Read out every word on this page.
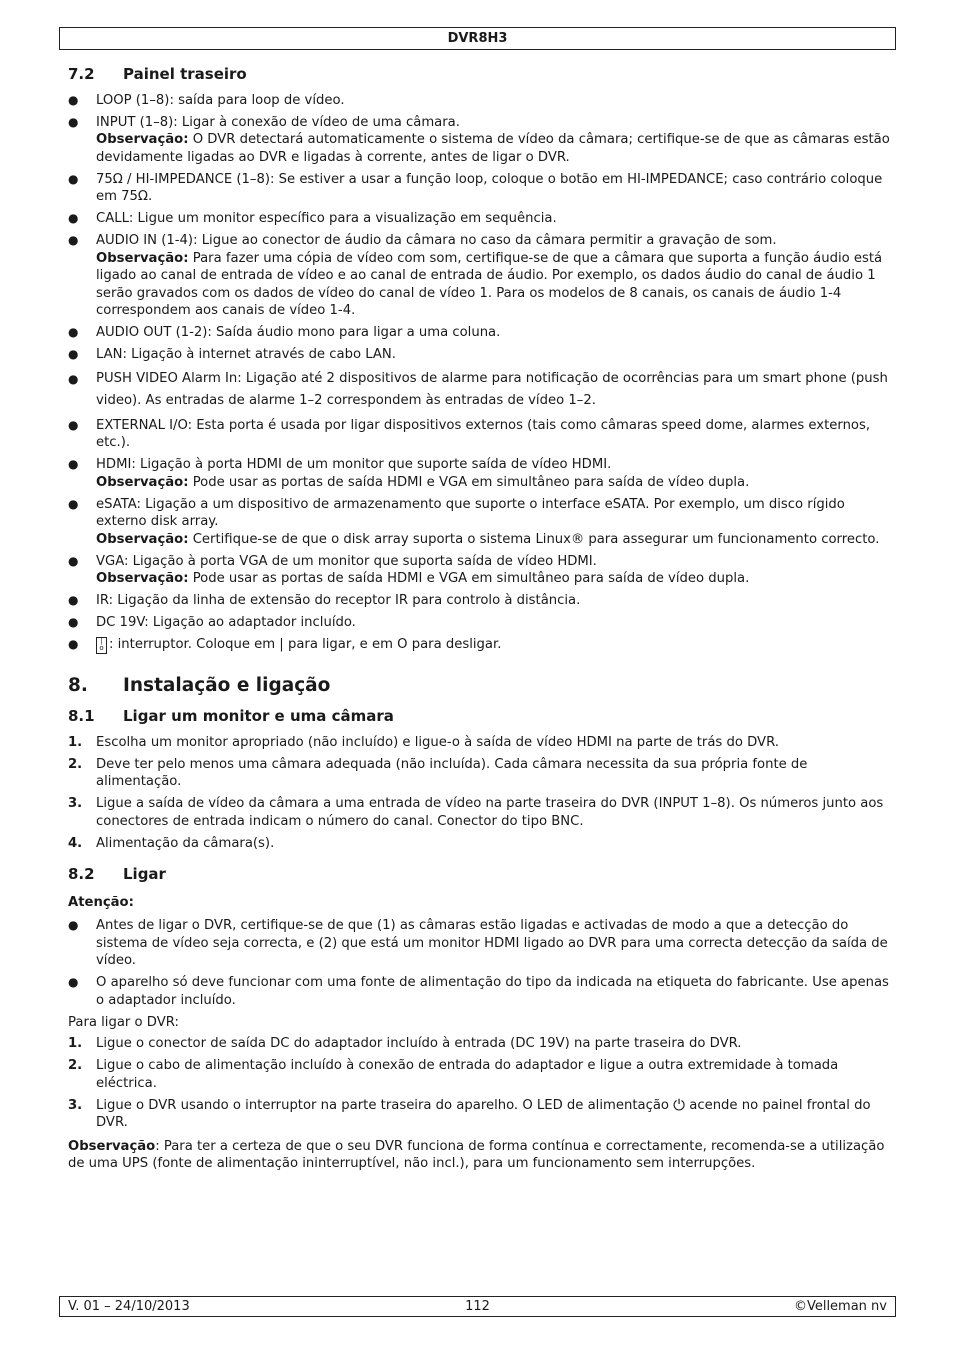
DVR8H3
7.2	Painel traseiro
● LOOP (1–8): saída para loop de vídeo.
● INPUT (1–8): Ligar à conexão de vídeo de uma câmara.
Observação: O DVR detectará automaticamente o sistema de vídeo da câmara; certifique-se de que as câmaras estão devidamente ligadas ao DVR e ligadas à corrente, antes de ligar o DVR.
● 75Ω / HI-IMPEDANCE (1–8): Se estiver a usar a função loop, coloque o botão em HI-IMPEDANCE; caso contrário coloque em 75Ω.
● CALL: Ligue um monitor específico para a visualização em sequência.
● AUDIO IN (1-4): Ligue ao conector de áudio da câmara no caso da câmara permitir a gravação de som.
Observação: Para fazer uma cópia de vídeo com som, certifique-se de que a câmara que suporta a função áudio está ligado ao canal de entrada de vídeo e ao canal de entrada de áudio. Por exemplo, os dados áudio do canal de áudio 1 serão gravados com os dados de vídeo do canal de vídeo 1. Para os modelos de 8 canais, os canais de áudio 1-4 correspondem aos canais de vídeo 1-4.
● AUDIO OUT (1-2): Saída áudio mono para ligar a uma coluna.
● LAN: Ligação à internet através de cabo LAN.
● PUSH VIDEO Alarm In: Ligação até 2 dispositivos de alarme para notificação de ocorrências para um smart phone (push video). As entradas de alarme 1–2 correspondem às entradas de vídeo 1–2.
● EXTERNAL I/O: Esta porta é usada por ligar dispositivos externos (tais como câmaras speed dome, alarmes externos, etc.).
● HDMI: Ligação à porta HDMI de um monitor que suporte saída de vídeo HDMI.
Observação: Pode usar as portas de saída HDMI e VGA em simultâneo para saída de vídeo dupla.
● eSATA: Ligação a um dispositivo de armazenamento que suporte o interface eSATA. Por exemplo, um disco rígido externo disk array.
Observação: Certifique-se de que o disk array suporta o sistema Linux® para assegurar um funcionamento correcto.
● VGA: Ligação à porta VGA de um monitor que suporta saída de vídeo HDMI.
Observação: Pode usar as portas de saída HDMI e VGA em simultâneo para saída de vídeo dupla.
● IR: Ligação da linha de extensão do receptor IR para controlo à distância.
● DC 19V: Ligação ao adaptador incluído.
●	|
o : interruptor. Coloque em | para ligar, e em O para desligar.
8.	Instalação e ligação
8.1	Ligar um monitor e uma câmara
1. Escolha um monitor apropriado (não incluído) e ligue-o à saída de vídeo HDMI na parte de trás do DVR.
2. Deve ter pelo menos uma câmara adequada (não incluída). Cada câmara necessita da sua própria fonte de alimentação.
3. Ligue a saída de vídeo da câmara a uma entrada de vídeo na parte traseira do DVR (INPUT 1–8). Os números junto aos conectores de entrada indicam o número do canal. Conector do tipo BNC.
4. Alimentação da câmara(s).
8.2	Ligar
Atenção:
● Antes de ligar o DVR, certifique-se de que (1) as câmaras estão ligadas e activadas de modo a que a detecção do sistema de vídeo seja correcta, e (2) que está um monitor HDMI ligado ao DVR para uma correcta detecção da saída de vídeo.
● O aparelho só deve funcionar com uma fonte de alimentação do tipo da indicada na etiqueta do fabricante. Use apenas o adaptador incluído.
Para ligar o DVR:
1. Ligue o conector de saída DC do adaptador incluído à entrada (DC 19V) na parte traseira do DVR.
2. Ligue o cabo de alimentação incluído à conexão de entrada do adaptador e ligue a outra extremidade à tomada eléctrica.
3. Ligue o DVR usando o interruptor na parte traseira do aparelho. O LED de alimentação ⏻ acende no painel frontal do DVR.
Observação: Para ter a certeza de que o seu DVR funciona de forma contínua e correctamente, recomenda-se a utilização de uma UPS (fonte de alimentação ininterruptível, não incl.), para um funcionamento sem interrupções.
V. 01 – 24/10/2013	112	©Velleman nv
